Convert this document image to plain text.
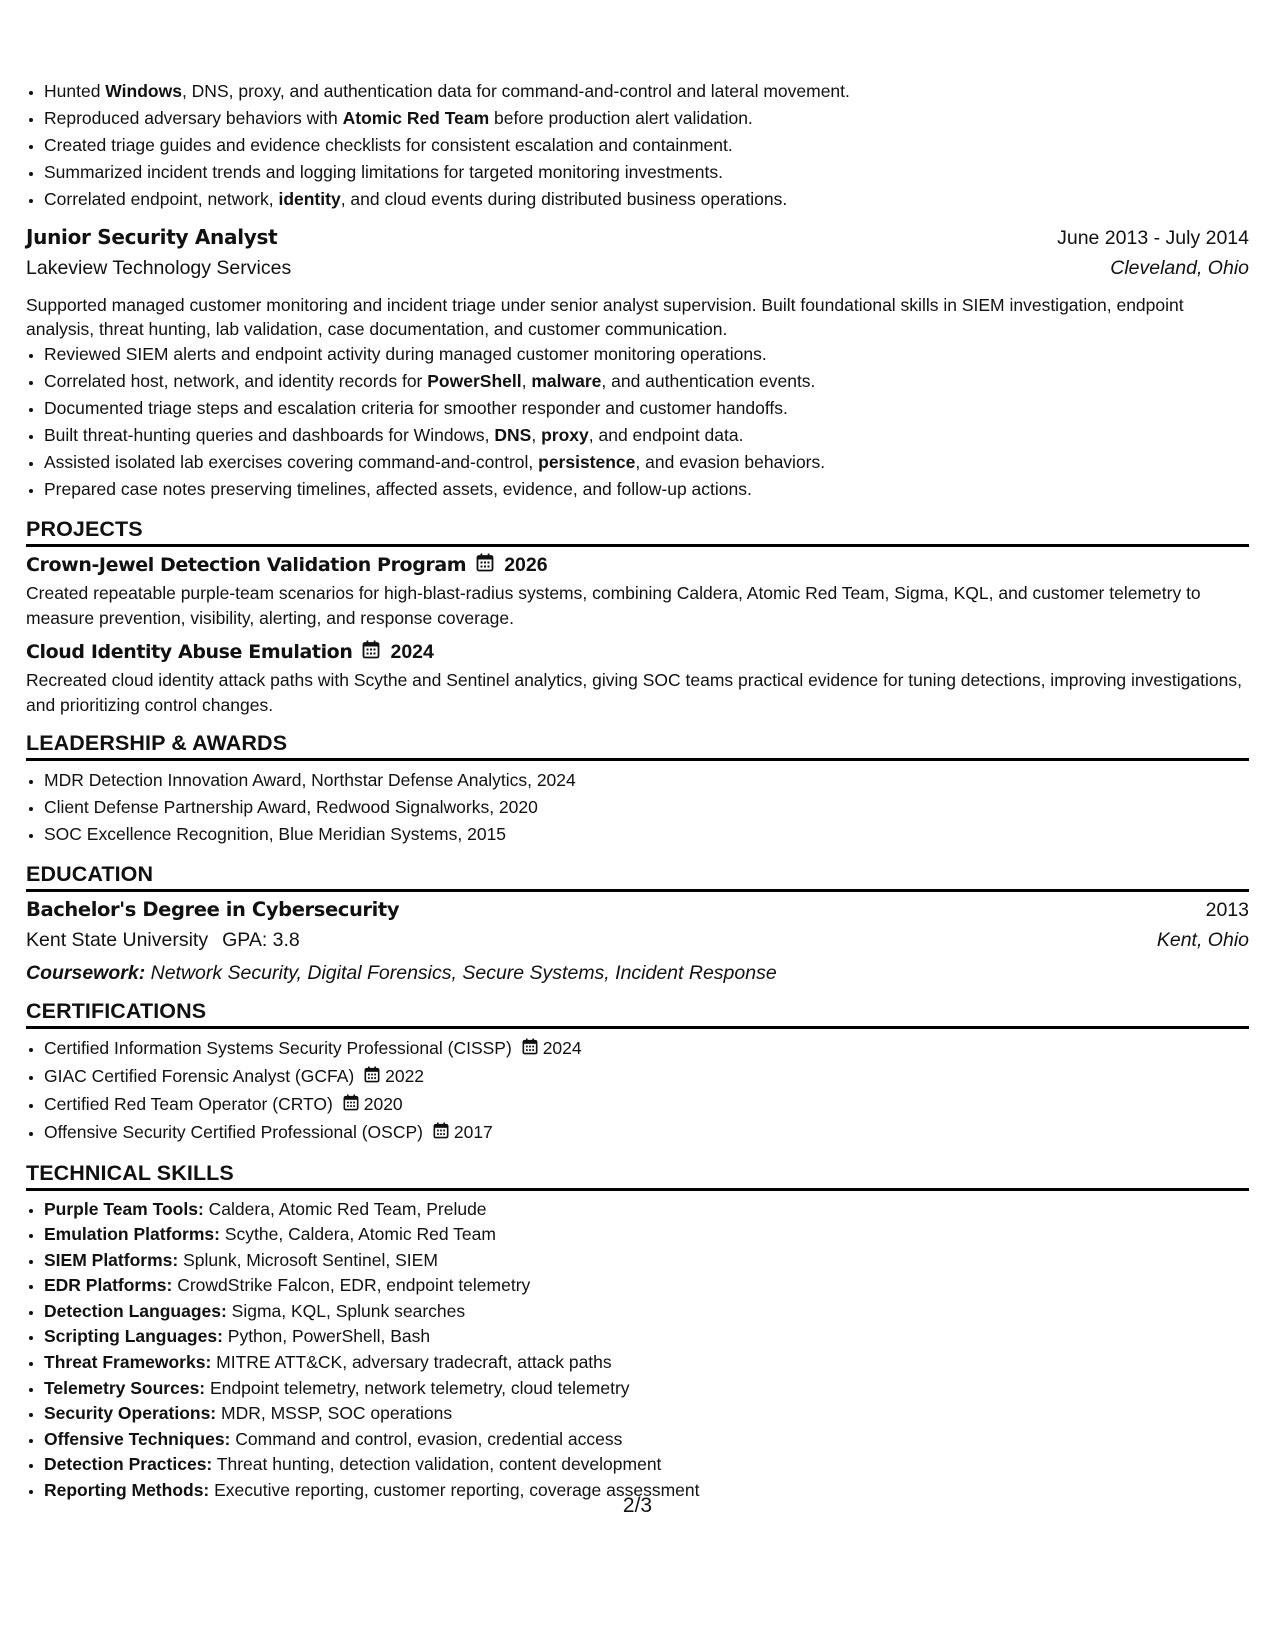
• Hunted Windows, DNS, proxy, and authentication data for command-and-control and lateral movement.
• Reproduced adversary behaviors with Atomic Red Team before production alert validation.
• Created triage guides and evidence checklists for consistent escalation and containment.
• Summarized incident trends and logging limitations for targeted monitoring investments.
• Correlated endpoint, network, identity, and cloud events during distributed business operations.
Junior Security Analyst	June 2013 - July 2014
Lakeview Technology Services	Cleveland, Ohio
Supported managed customer monitoring and incident triage under senior analyst supervision. Built foundational skills in SIEM investigation, endpoint analysis, threat hunting, lab validation, case documentation, and customer communication.
• Reviewed SIEM alerts and endpoint activity during managed customer monitoring operations.
• Correlated host, network, and identity records for PowerShell, malware, and authentication events.
• Documented triage steps and escalation criteria for smoother responder and customer handoffs.
• Built threat-hunting queries and dashboards for Windows, DNS, proxy, and endpoint data.
• Assisted isolated lab exercises covering command-and-control, persistence, and evasion behaviors.
• Prepared case notes preserving timelines, affected assets, evidence, and follow-up actions.
PROJECTS
Crown-Jewel Detection Validation Program 2026
Created repeatable purple-team scenarios for high-blast-radius systems, combining Caldera, Atomic Red Team, Sigma, KQL, and customer telemetry to measure prevention, visibility, alerting, and response coverage.
Cloud Identity Abuse Emulation 2024
Recreated cloud identity attack paths with Scythe and Sentinel analytics, giving SOC teams practical evidence for tuning detections, improving investigations, and prioritizing control changes.
LEADERSHIP & AWARDS
• MDR Detection Innovation Award, Northstar Defense Analytics, 2024
• Client Defense Partnership Award, Redwood Signalworks, 2020
• SOC Excellence Recognition, Blue Meridian Systems, 2015
EDUCATION
Bachelor's Degree in Cybersecurity	2013
Kent State University GPA: 3.8	Kent, Ohio
Coursework: Network Security, Digital Forensics, Secure Systems, Incident Response
CERTIFICATIONS
• Certified Information Systems Security Professional (CISSP) 2024
• GIAC Certified Forensic Analyst (GCFA) 2022
• Certified Red Team Operator (CRTO) 2020
• Offensive Security Certified Professional (OSCP) 2017
TECHNICAL SKILLS
• Purple Team Tools: Caldera, Atomic Red Team, Prelude
• Emulation Platforms: Scythe, Caldera, Atomic Red Team
• SIEM Platforms: Splunk, Microsoft Sentinel, SIEM
• EDR Platforms: CrowdStrike Falcon, EDR, endpoint telemetry
• Detection Languages: Sigma, KQL, Splunk searches
• Scripting Languages: Python, PowerShell, Bash
• Threat Frameworks: MITRE ATT&CK, adversary tradecraft, attack paths
• Telemetry Sources: Endpoint telemetry, network telemetry, cloud telemetry
• Security Operations: MDR, MSSP, SOC operations
• Offensive Techniques: Command and control, evasion, credential access
• Detection Practices: Threat hunting, detection validation, content development
• Reporting Methods: Executive reporting, customer reporting, coverage assessment
2/3
